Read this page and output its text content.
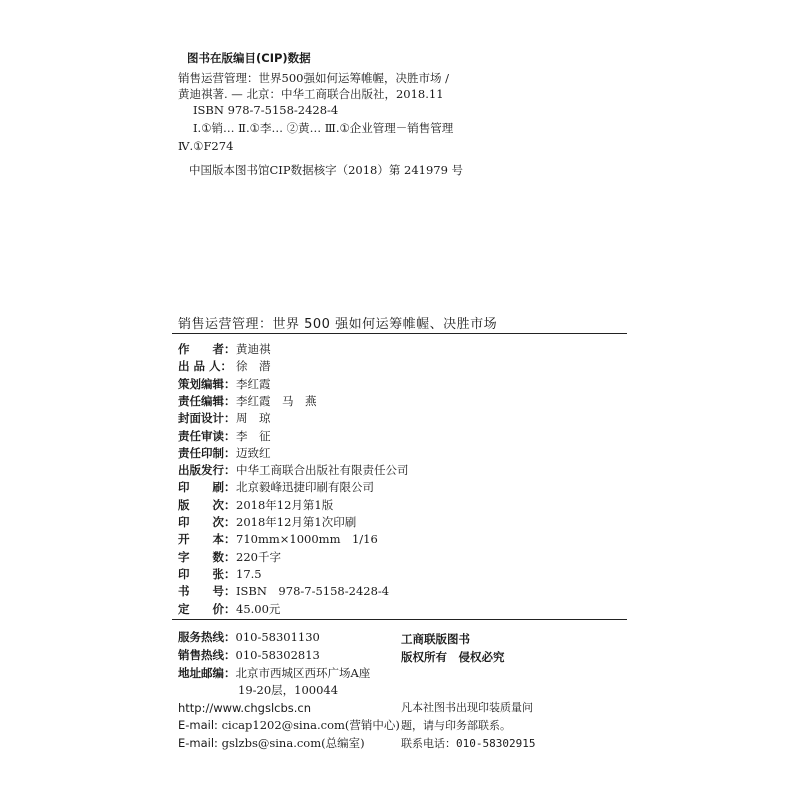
图书在版编目(CIP)数据
销售运营管理：世界500强如何运筹帷幄，决胜市场 /
黄迪祺著. — 北京：中华工商联合出版社，2018.11
ISBN 978-7-5158-2428-4
Ⅰ.①销… Ⅱ.①李… ②黄… Ⅲ.①企业管理－销售管理
Ⅳ.①F274
中国版本图书馆CIP数据核字（2018）第 241979 号
销售运营管理：世界 500 强如何运筹帷幄、决胜市场
作　　者：黄迪祺
出 品 人： 徐　潜
策划编辑：李红霞
责任编辑：李红霞　马　燕
封面设计：周　琼
责任审读：李　征
责任印制：迈致红
出版发行：中华工商联合出版社有限责任公司
印　　刷：北京毅峰迅捷印刷有限公司
版　　次：2018年12月第1版
印　　次：2018年12月第1次印刷
开　　本：710mm×1000mm　1/16
字　　数：220千字
印　　张：17.5
书　　号：ISBN　978-7-5158-2428-4
定　　价：45.00元
服务热线：010-58301130
销售热线：010-58302813
地址邮编：北京市西城区西环广场A座
19-20层，100044
http://www.chgslcbs.cn
E-mail: cicap1202@sina.com(营销中心)
E-mail: gslzbs@sina.com(总编室)
工商联版图书
版权所有　侵权必究
凡本社图书出现印装质量问
题，请与印务部联系。
联系电话：010-58302915
